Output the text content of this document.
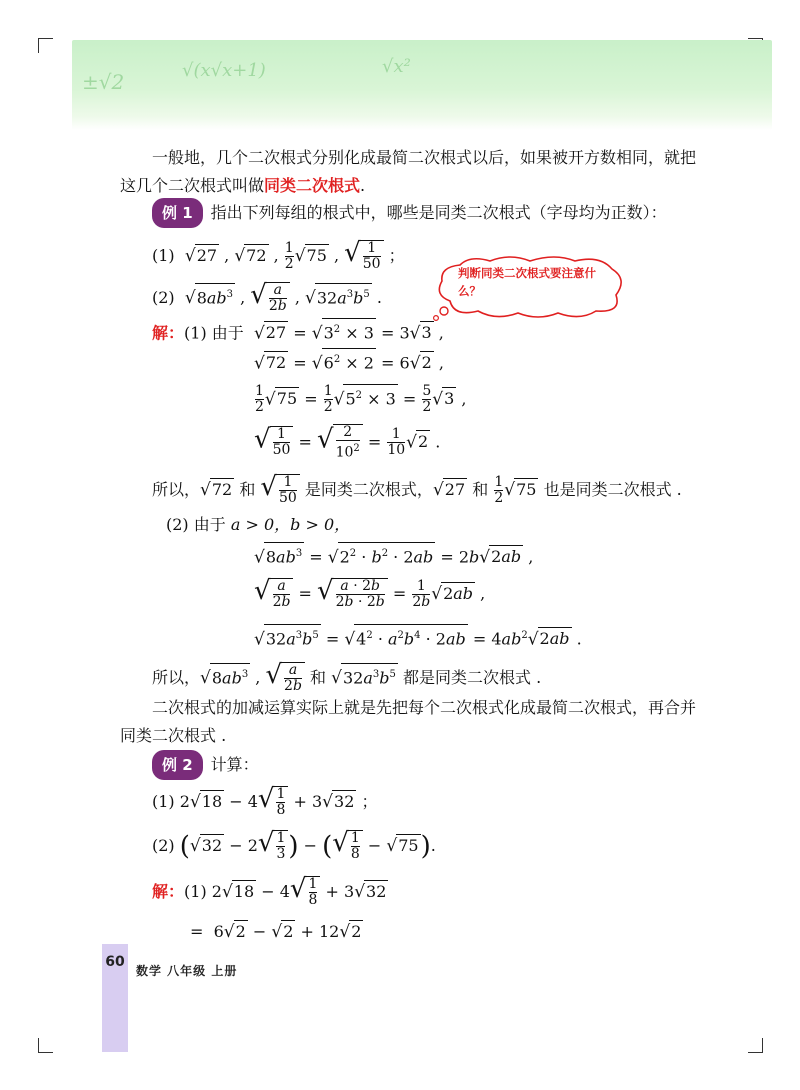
±√2	√(x√x+1)	√x²
一般地，几个二次根式分别化成最简二次根式以后，如果被开方数相同，就把这几个二次根式叫做同类二次根式.
例 1 指出下列每组的根式中，哪些是同类二次根式（字母均为正数）：
(1) √27 , √72 , $\frac{1}{2} √75$ , √ $\frac{1}{50}$ ；
(2) $√8ab^3$ , √ $\frac{a}{2b}$ , $√32a^3b^5$ .
判断同类二次根式要注意什么？
解：(1) 由于 $√27 = √3^2 \times 3 = 3√3$ ,
$√72 = √6^2 \times 2 = 6√2$ ,
$\frac{1}{2} √75 = \frac{1}{2} √5^2 \times 3 = \frac{5}{2} √3$ ,
√ $\frac{1}{50}$ = √ $\frac{2}{10^2} = \frac{1}{10} √2$ .
所以，√72 和 √ $\frac{1}{50}$ 是同类二次根式，√27 和 $\frac{1}{2} √75$ 也是同类二次根式 .
(2) 由于 a > 0，b > 0，
$√8ab^3 = √2^2 \cdot b^2 \cdot 2ab = 2b√2ab$ ,
√ $\frac{a}{2b}$ = √ $\frac{a \cdot 2b}{2b \cdot 2b} = \frac{1}{2b} √2ab$ ,
$√32a^3b^5 = √4^2 \cdot a^2b^4 \cdot 2ab = 4ab^2√2ab$ .
所以，$√8ab^3$ , √ $\frac{a}{2b}$ 和 $√32a^3b^5$ 都是同类二次根式 .
二次根式的加减运算实际上就是先把每个二次根式化成最简二次根式，再合并同类二次根式 .
例 2 计算：
(1) $2√18 - 4√ \frac{1}{8} + 3√32$ ；
(2) ($√32 - 2√ \frac{1}{3}$ ) − (√ $\frac{1}{8} - √75$).
解：(1) $2√18 - 4√ \frac{1}{8} + 3√32$
=  6√2 − √2 + 12√2
60
数学 八年级 上册
